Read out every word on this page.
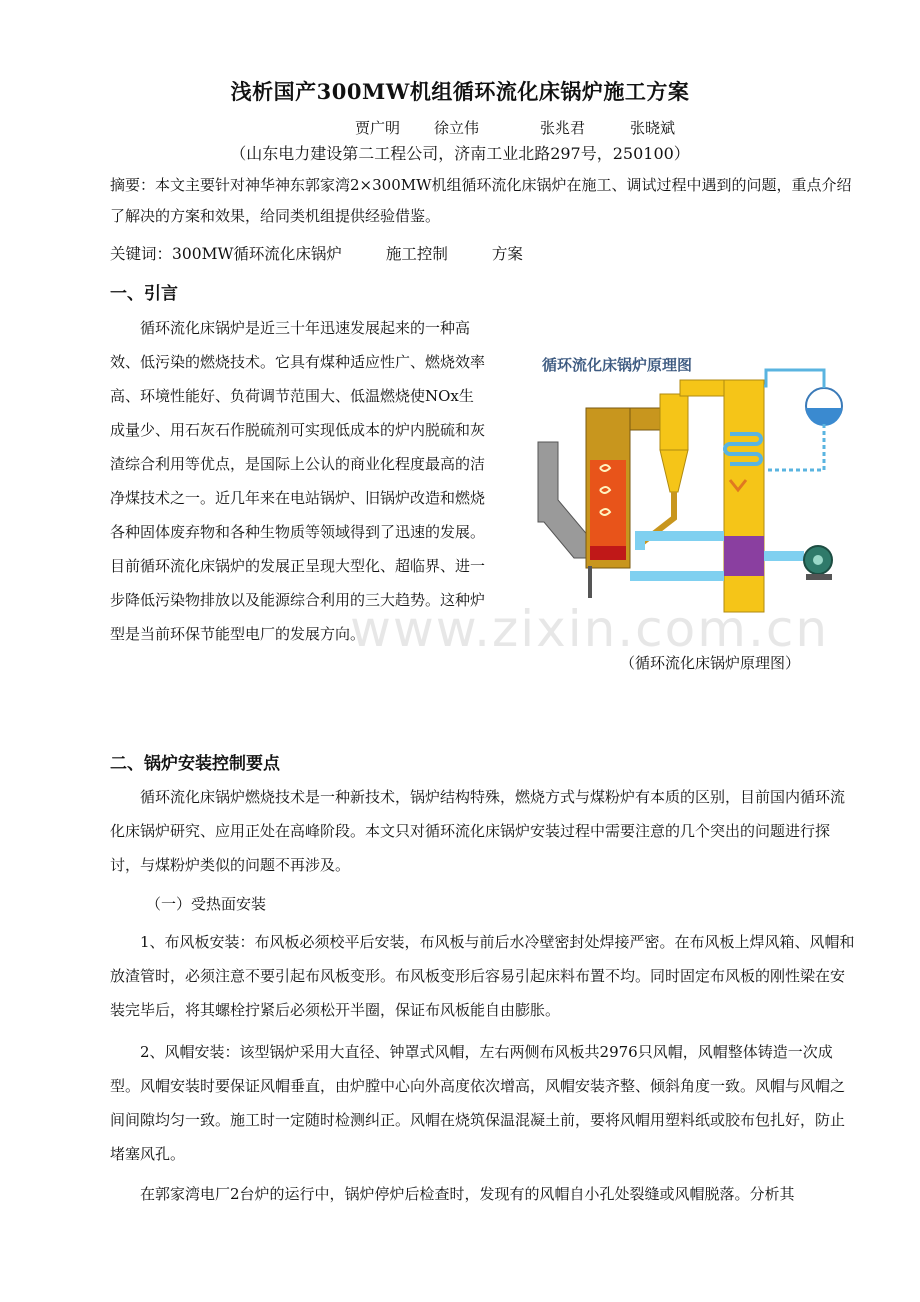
浅析国产300MW机组循环流化床锅炉施工方案
贾广明 徐立伟	张兆君	张晓斌
（山东电力建设第二工程公司，济南工业北路297号，250100）
摘要：本文主要针对神华神东郭家湾2×300MW机组循环流化床锅炉在施工、调试过程中遇到的问题，重点介绍了解决的方案和效果，给同类机组提供经验借鉴。
关键词：300MW循环流化床锅炉	施工控制	方案
一、引言
循环流化床锅炉是近三十年迅速发展起来的一种高效、低污染的燃烧技术。它具有煤种适应性广、燃烧效率高、环境性能好、负荷调节范围大、低温燃烧使NOx生成量少、用石灰石作脱硫剂可实现低成本的炉内脱硫和灰渣综合利用等优点，是国际上公认的商业化程度最高的洁净煤技术之一。近几年来在电站锅炉、旧锅炉改造和燃烧各种固体废弃物和各种生物质等领域得到了迅速的发展。目前循环流化床锅炉的发展正呈现大型化、超临界、进一步降低污染物排放以及能源综合利用的三大趋势。这种炉型是当前环保节能型电厂的发展方向。
循环流化床锅炉原理图
（循环流化床锅炉原理图）
www.zixin.com.cn
二、锅炉安装控制要点
循环流化床锅炉燃烧技术是一种新技术，锅炉结构特殊，燃烧方式与煤粉炉有本质的区别，目前国内循环流化床锅炉研究、应用正处在高峰阶段。本文只对循环流化床锅炉安装过程中需要注意的几个突出的问题进行探讨，与煤粉炉类似的问题不再涉及。
（一）受热面安装
1、布风板安装：布风板必须校平后安装，布风板与前后水冷壁密封处焊接严密。在布风板上焊风箱、风帽和放渣管时，必须注意不要引起布风板变形。布风板变形后容易引起床料布置不均。同时固定布风板的刚性梁在安装完毕后，将其螺栓拧紧后必须松开半圈，保证布风板能自由膨胀。
2、风帽安装：该型锅炉采用大直径、钟罩式风帽，左右两侧布风板共2976只风帽，风帽整体铸造一次成型。风帽安装时要保证风帽垂直，由炉膛中心向外高度依次增高，风帽安装齐整、倾斜角度一致。风帽与风帽之间间隙均匀一致。施工时一定随时检测纠正。风帽在烧筑保温混凝土前，要将风帽用塑料纸或胶布包扎好，防止堵塞风孔。
在郭家湾电厂2台炉的运行中，锅炉停炉后检查时，发现有的风帽自小孔处裂缝或风帽脱落。分析其
